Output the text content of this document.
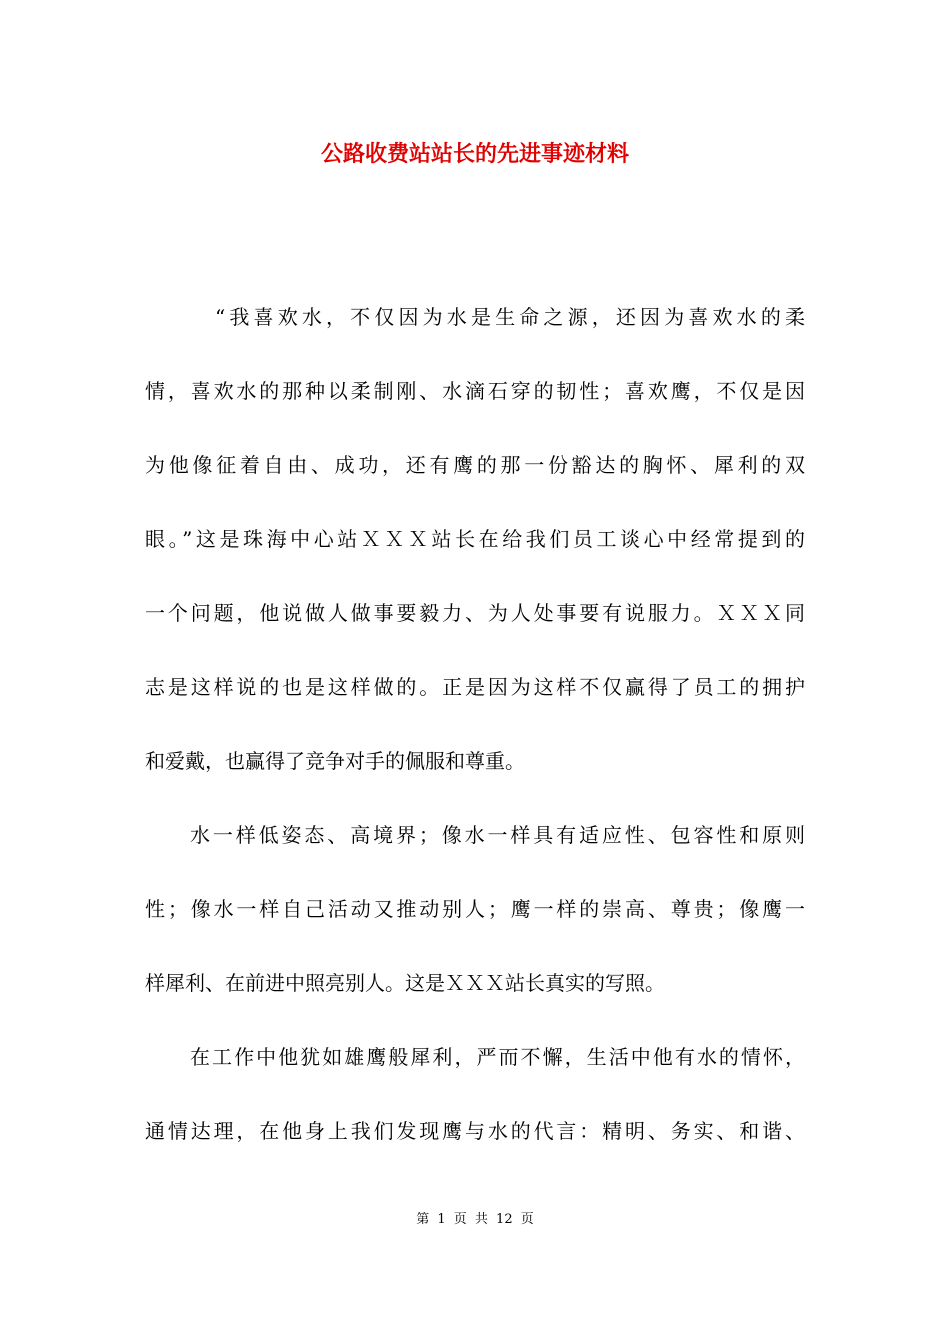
公路收费站站长的先进事迹材料
“我喜欢水，不仅因为水是生命之源，还因为喜欢水的柔
情，喜欢水的那种以柔制刚、水滴石穿的韧性；喜欢鹰，不仅是因
为他像征着自由、成功，还有鹰的那一份豁达的胸怀、犀利的双
眼。”这是珠海中心站ＸＸＸ站长在给我们员工谈心中经常提到的
一个问题，他说做人做事要毅力、为人处事要有说服力。ＸＸＸ同
志是这样说的也是这样做的。正是因为这样不仅赢得了员工的拥护
和爱戴，也赢得了竞争对手的佩服和尊重。
水一样低姿态、高境界；像水一样具有适应性、包容性和原则
性；像水一样自己活动又推动别人；鹰一样的崇高、尊贵；像鹰一
样犀利、在前进中照亮别人。这是ＸＸＸ站长真实的写照。
在工作中他犹如雄鹰般犀利，严而不懈，生活中他有水的情怀，
通情达理，在他身上我们发现鹰与水的代言：精明、务实、和谐、
第 1 页 共 12 页
